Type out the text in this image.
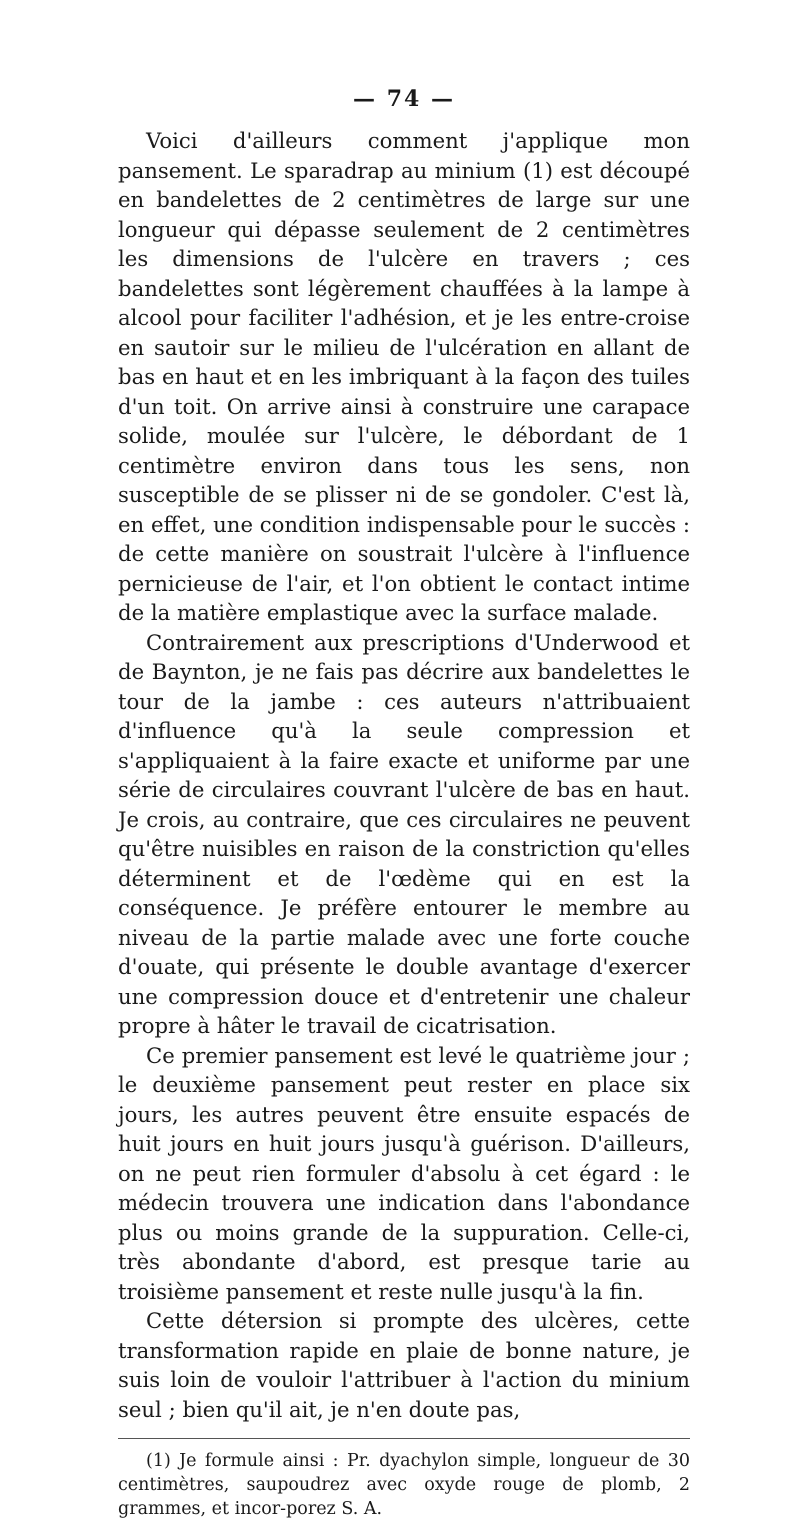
— 74 —

Voici d'ailleurs comment j'applique mon pansement. Le sparadrap au minium (1) est découpé en bandelettes de 2 centimètres de large sur une longueur qui dépasse seulement de 2 centimètres les dimensions de l'ulcère en travers ; ces bandelettes sont légèrement chauffées à la lampe à alcool pour faciliter l'adhésion, et je les entre-croise en sautoir sur le milieu de l'ulcération en allant de bas en haut et en les imbriquant à la façon des tuiles d'un toit. On arrive ainsi à construire une carapace solide, moulée sur l'ulcère, le débordant de 1 centimètre environ dans tous les sens, non susceptible de se plisser ni de se gondoler. C'est là, en effet, une condition indispensable pour le succès : de cette manière on soustrait l'ulcère à l'influence pernicieuse de l'air, et l'on obtient le contact intime de la matière emplastique avec la surface malade.

Contrairement aux prescriptions d'Underwood et de Baynton, je ne fais pas décrire aux bandelettes le tour de la jambe : ces auteurs n'attribuaient d'influence qu'à la seule compression et s'appliquaient à la faire exacte et uniforme par une série de circulaires couvrant l'ulcère de bas en haut. Je crois, au contraire, que ces circulaires ne peuvent qu'être nuisibles en raison de la constriction qu'elles déterminent et de l'œdème qui en est la conséquence. Je préfère entourer le membre au niveau de la partie malade avec une forte couche d'ouate, qui présente le double avantage d'exercer une compression douce et d'entretenir une chaleur propre à hâter le travail de cicatrisation.

Ce premier pansement est levé le quatrième jour ; le deuxième pansement peut rester en place six jours, les autres peuvent être ensuite espacés de huit jours en huit jours jusqu'à guérison. D'ailleurs, on ne peut rien formuler d'absolu à cet égard : le médecin trouvera une indication dans l'abondance plus ou moins grande de la suppuration. Celle-ci, très abondante d'abord, est presque tarie au troisième pansement et reste nulle jusqu'à la fin.

Cette détersion si prompte des ulcères, cette transformation rapide en plaie de bonne nature, je suis loin de vouloir l'attribuer à l'action du minium seul ; bien qu'il ait, je n'en doute pas,

(1) Je formule ainsi : Pr. dyachylon simple, longueur de 30 centimètres, saupoudrez avec oxyde rouge de plomb, 2 grammes, et incor-porez S. A.
